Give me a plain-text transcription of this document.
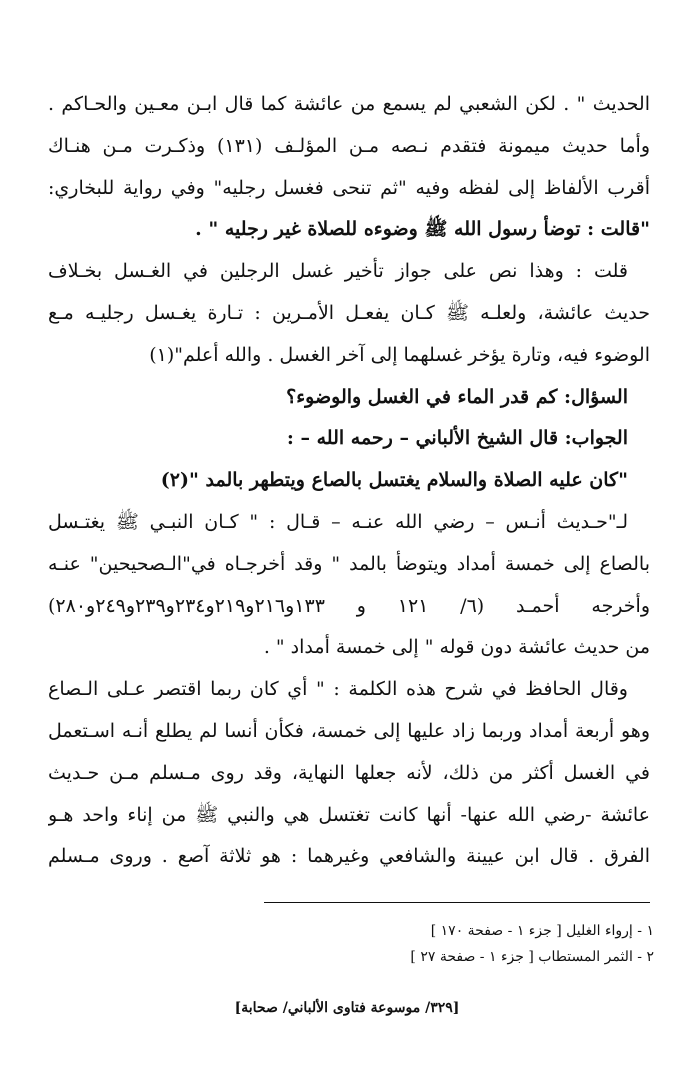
الحديث " . لكن الشعبي لم يسمع من عائشة كما قال ابـن معـين والحـاكم .
وأما حديث ميمونة فتقدم نـصه مـن المؤلـف (١٣١) وذكـرت مـن هنـاك
أقرب الألفاظ إلى لفظه وفيه "ثم تنحى فغسل رجليه" وفي رواية للبخاري:
"قالت : توضأ رسول الله ﷺ وضوءه للصلاة غير رجليه " .
قلت : وهذا نص على جواز تأخير غسل الرجلين في الغـسل بخـلاف
حديث عائشة، ولعلـه ﷺ كـان يفعـل الأمـرين : تـارة يغـسل رجليـه مـع
الوضوء فيه، وتارة يؤخر غسلهما إلى آخر الغسل . والله أعلم"(١)
السؤال: كم قدر الماء في الغسل والوضوء؟
الجواب: قال الشيخ الألباني – رحمه الله – :
"كان عليه الصلاة والسلام يغتسل بالصاع ويتطهر بالمد "(٢)
لـ"حـديث أنـس – رضي الله عنـه – قـال : " كـان النبـي ﷺ يغتـسل
بالصاع إلى خمسة أمداد ويتوضأ بالمد " وقد أخرجـاه في"الـصحيحين" عنـه
وأخرجه أحمـد (٦/ ١٢١ و ١٣٣و٢١٦و٢١٩و٢٣٤و٢٣٩و٢٤٩و٢٨٠)
من حديث عائشة دون قوله " إلى خمسة أمداد " .
وقال الحافظ في شرح هذه الكلمة : " أي كان ربما اقتصر عـلى الـصاع
وهو أربعة أمداد وربما زاد عليها إلى خمسة، فكأن أنسا لم يطلع أنـه اسـتعمل
في الغسل أكثر من ذلك، لأنه جعلها النهاية، وقد روى مـسلم مـن حـديث
عائشة -رضي الله عنها- أنها كانت تغتسل هي والنبي ﷺ من إناء واحد هـو
الفرق . قال ابن عيينة والشافعي وغيرهما : هو ثلاثة آصع . وروى مـسلم
١ - إرواء الغليل [ جزء ١ - صفحة ١٧٠ ]
٢ - الثمر المستطاب [ جزء ١ - صفحة ٢٧ ]
[٣٢٩/ موسوعة فتاوى الألباني/ صحابة]
